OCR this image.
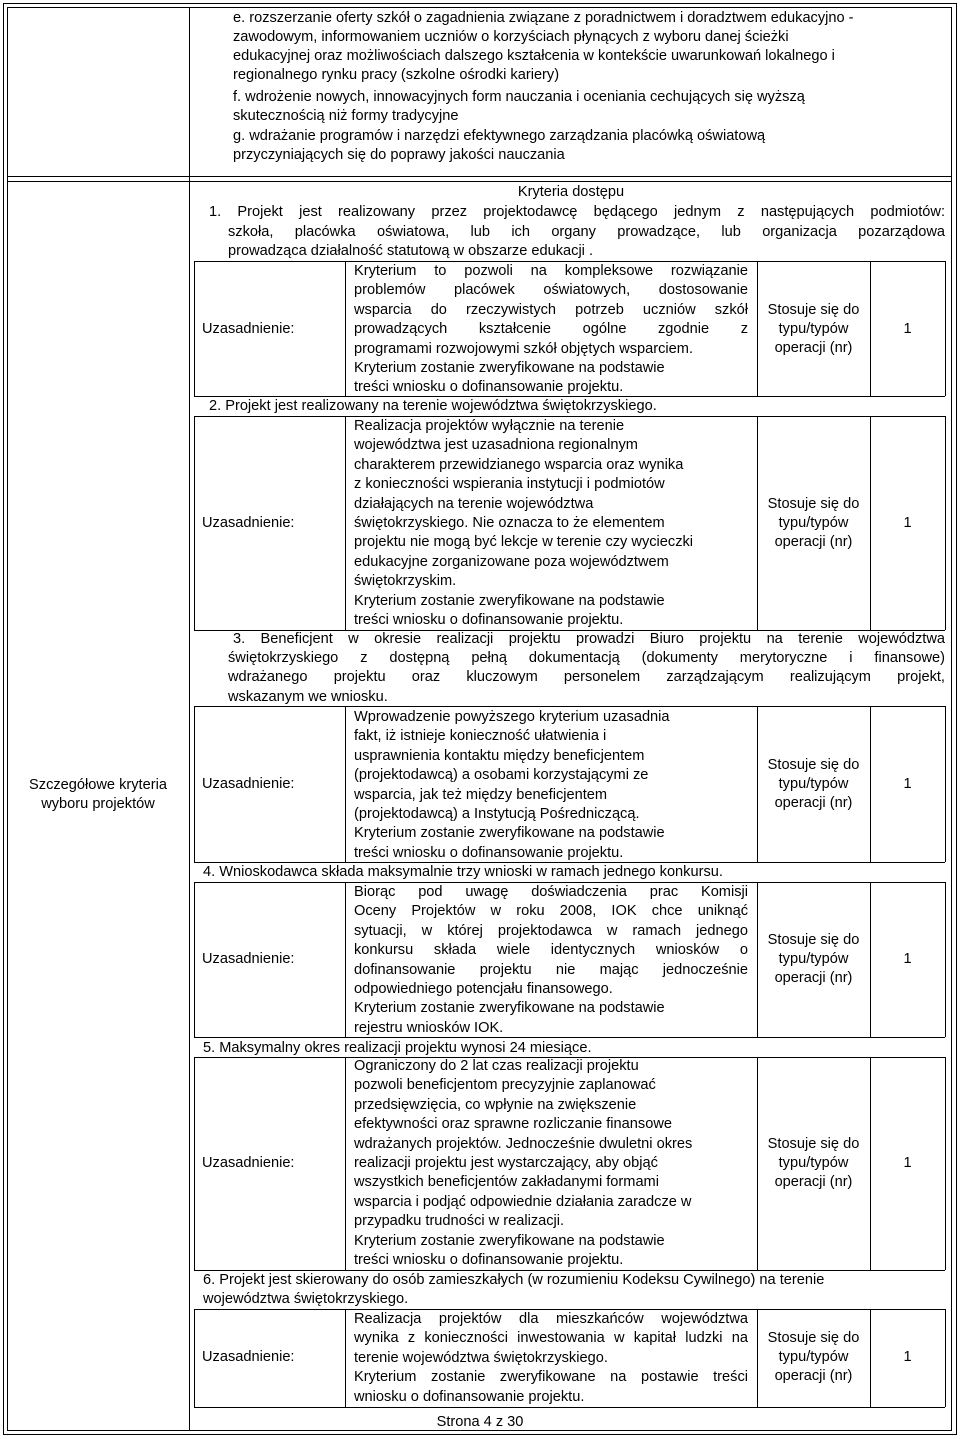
e. rozszerzanie oferty szkół o zagadnienia związane z poradnictwem i doradztwem edukacyjno -
zawodowym, informowaniem uczniów o korzyściach płynących z wyboru danej ścieżki
edukacyjnej oraz możliwościach dalszego kształcenia w kontekście uwarunkowań lokalnego i
regionalnego rynku pracy (szkolne ośrodki kariery)
f. wdrożenie nowych, innowacyjnych form nauczania i oceniania cechujących się wyższą
skutecznością niż formy tradycyjne
g. wdrażanie programów i narzędzi efektywnego zarządzania placówką oświatową
przyczyniających się do poprawy jakości nauczania
Szczegółowe kryteria
wyboru projektów
Kryteria dostępu
1. Projekt jest realizowany przez projektodawcę będącego jednym z następujących podmiotów:
szkoła, placówka oświatowa, lub ich organy prowadzące, lub organizacja pozarządowa
prowadząca działalność statutową w obszarze edukacji .
Uzasadnienie:
Kryterium to pozwoli na kompleksowe rozwiązanie
problemów placówek oświatowych, dostosowanie
wsparcia do rzeczywistych potrzeb uczniów szkół
prowadzących kształcenie ogólne zgodnie z
programami rozwojowymi szkół objętych wsparciem.
Kryterium zostanie zweryfikowane na podstawie
treści wniosku o dofinansowanie projektu.
Stosuje się do
typu/typów
operacji (nr)
1
2. Projekt jest realizowany na terenie województwa świętokrzyskiego.
Uzasadnienie:
Realizacja projektów wyłącznie na terenie
województwa jest uzasadniona regionalnym
charakterem przewidzianego wsparcia oraz wynika
z konieczności wspierania instytucji i podmiotów
działających na terenie województwa
świętokrzyskiego. Nie oznacza to że elementem
projektu nie mogą być lekcje w terenie czy wycieczki
edukacyjne zorganizowane poza województwem
świętokrzyskim.
Kryterium zostanie zweryfikowane na podstawie
treści wniosku o dofinansowanie projektu.
Stosuje się do
typu/typów
operacji (nr)
1
3. Beneficjent w okresie realizacji projektu prowadzi Biuro projektu na terenie województwa
świętokrzyskiego z dostępną pełną dokumentacją (dokumenty merytoryczne i finansowe)
wdrażanego projektu oraz kluczowym personelem zarządzającym realizującym projekt,
wskazanym we wniosku.
Uzasadnienie:
Wprowadzenie powyższego kryterium uzasadnia
fakt, iż istnieje konieczność ułatwienia i
usprawnienia kontaktu między beneficjentem
(projektodawcą) a osobami korzystającymi ze
wsparcia, jak też między beneficjentem
(projektodawcą) a Instytucją Pośredniczącą.
Kryterium zostanie zweryfikowane na podstawie
treści wniosku o dofinansowanie projektu.
Stosuje się do
typu/typów
operacji (nr)
1
4. Wnioskodawca składa maksymalnie trzy wnioski w ramach jednego konkursu.
Uzasadnienie:
Biorąc pod uwagę doświadczenia prac Komisji
Oceny Projektów w roku 2008, IOK chce uniknąć
sytuacji, w której projektodawca w ramach jednego
konkursu składa wiele identycznych wniosków o
dofinansowanie projektu nie mając jednocześnie
odpowiedniego potencjału finansowego.
Kryterium zostanie zweryfikowane na podstawie
rejestru wniosków IOK.
Stosuje się do
typu/typów
operacji (nr)
1
5. Maksymalny okres realizacji projektu wynosi 24 miesiące.
Uzasadnienie:
Ograniczony do 2 lat czas realizacji projektu
pozwoli beneficjentom precyzyjnie zaplanować
przedsięwzięcia, co wpłynie na zwiększenie
efektywności oraz sprawne rozliczanie finansowe
wdrażanych projektów. Jednocześnie dwuletni okres
realizacji projektu jest wystarczający, aby objąć
wszystkich beneficjentów zakładanymi formami
wsparcia i podjąć odpowiednie działania zaradcze w
przypadku trudności w realizacji.
Kryterium zostanie zweryfikowane na podstawie
treści wniosku o dofinansowanie projektu.
Stosuje się do
typu/typów
operacji (nr)
1
6. Projekt jest skierowany do osób zamieszkałych (w rozumieniu Kodeksu Cywilnego) na terenie
województwa świętokrzyskiego.
Uzasadnienie:
Realizacja projektów dla mieszkańców województwa
wynika z konieczności inwestowania w kapitał ludzki na
terenie województwa świętokrzyskiego.
Kryterium zostanie zweryfikowane na postawie treści
wniosku o dofinansowanie projektu.
Stosuje się do
typu/typów
operacji (nr)
1
Strona 4 z 30
